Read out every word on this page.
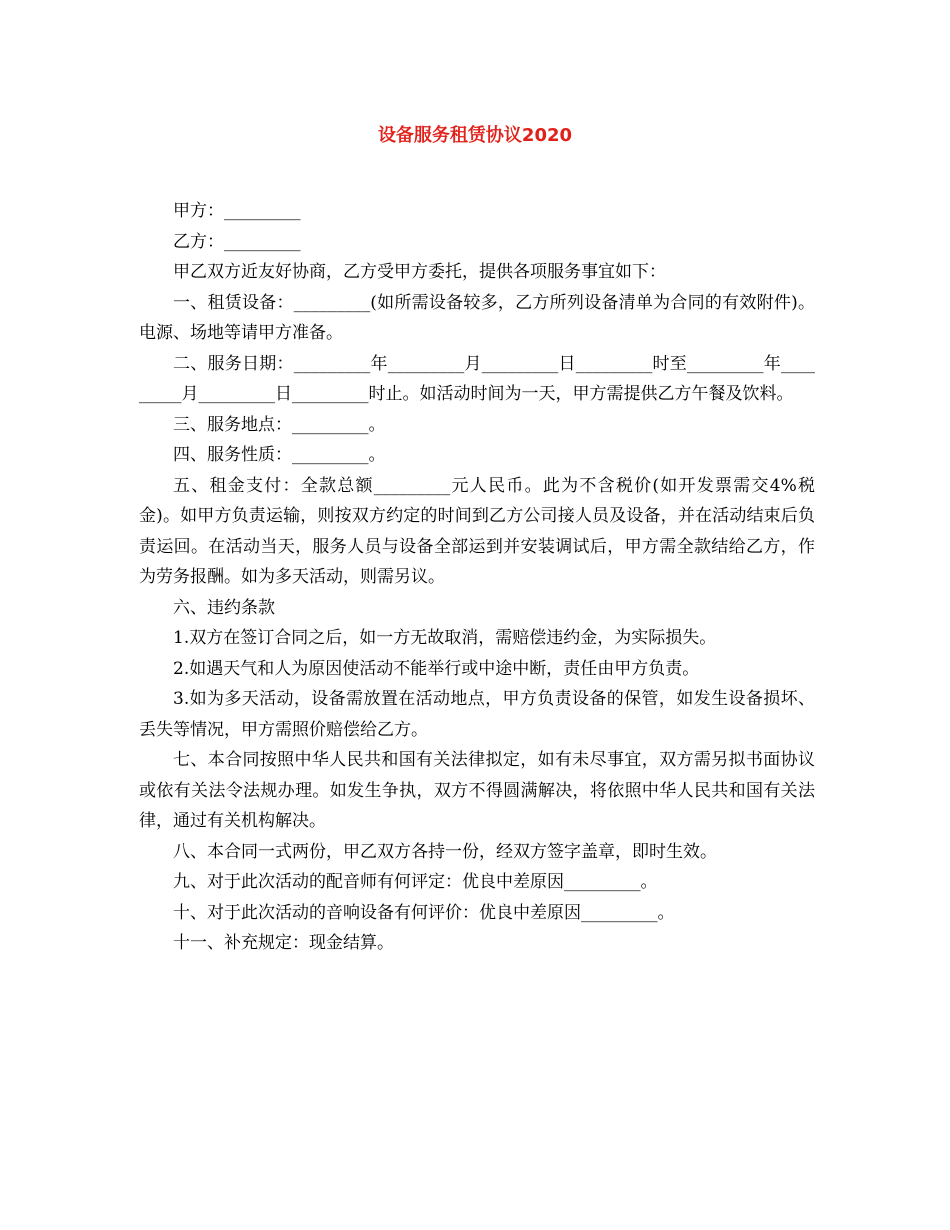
设备服务租赁协议2020

甲方：_________

乙方：_________

甲乙双方近友好协商，乙方受甲方委托，提供各项服务事宜如下：

一、租赁设备：_________(如所需设备较多，乙方所列设备清单为合同的有效附件)。电源、场地等请甲方准备。

二、服务日期：_________年_________月_________日_________时至_________年_________月_________日_________时止。如活动时间为一天，甲方需提供乙方午餐及饮料。

三、服务地点：_________。

四、服务性质：_________。

五、租金支付：全款总额_________元人民币。此为不含税价(如开发票需交4%税金)。如甲方负责运输，则按双方约定的时间到乙方公司接人员及设备，并在活动结束后负责运回。在活动当天，服务人员与设备全部运到并安装调试后，甲方需全款结给乙方，作为劳务报酬。如为多天活动，则需另议。

六、违约条款

1.双方在签订合同之后，如一方无故取消，需赔偿违约金，为实际损失。

2.如遇天气和人为原因使活动不能举行或中途中断，责任由甲方负责。

3.如为多天活动，设备需放置在活动地点，甲方负责设备的保管，如发生设备损坏、丢失等情况，甲方需照价赔偿给乙方。

七、本合同按照中华人民共和国有关法律拟定，如有未尽事宜，双方需另拟书面协议或依有关法令法规办理。如发生争执，双方不得圆满解决，将依照中华人民共和国有关法律，通过有关机构解决。

八、本合同一式两份，甲乙双方各持一份，经双方签字盖章，即时生效。

九、对于此次活动的配音师有何评定：优良中差原因_________。

十、对于此次活动的音响设备有何评价：优良中差原因_________。

十一、补充规定：现金结算。
